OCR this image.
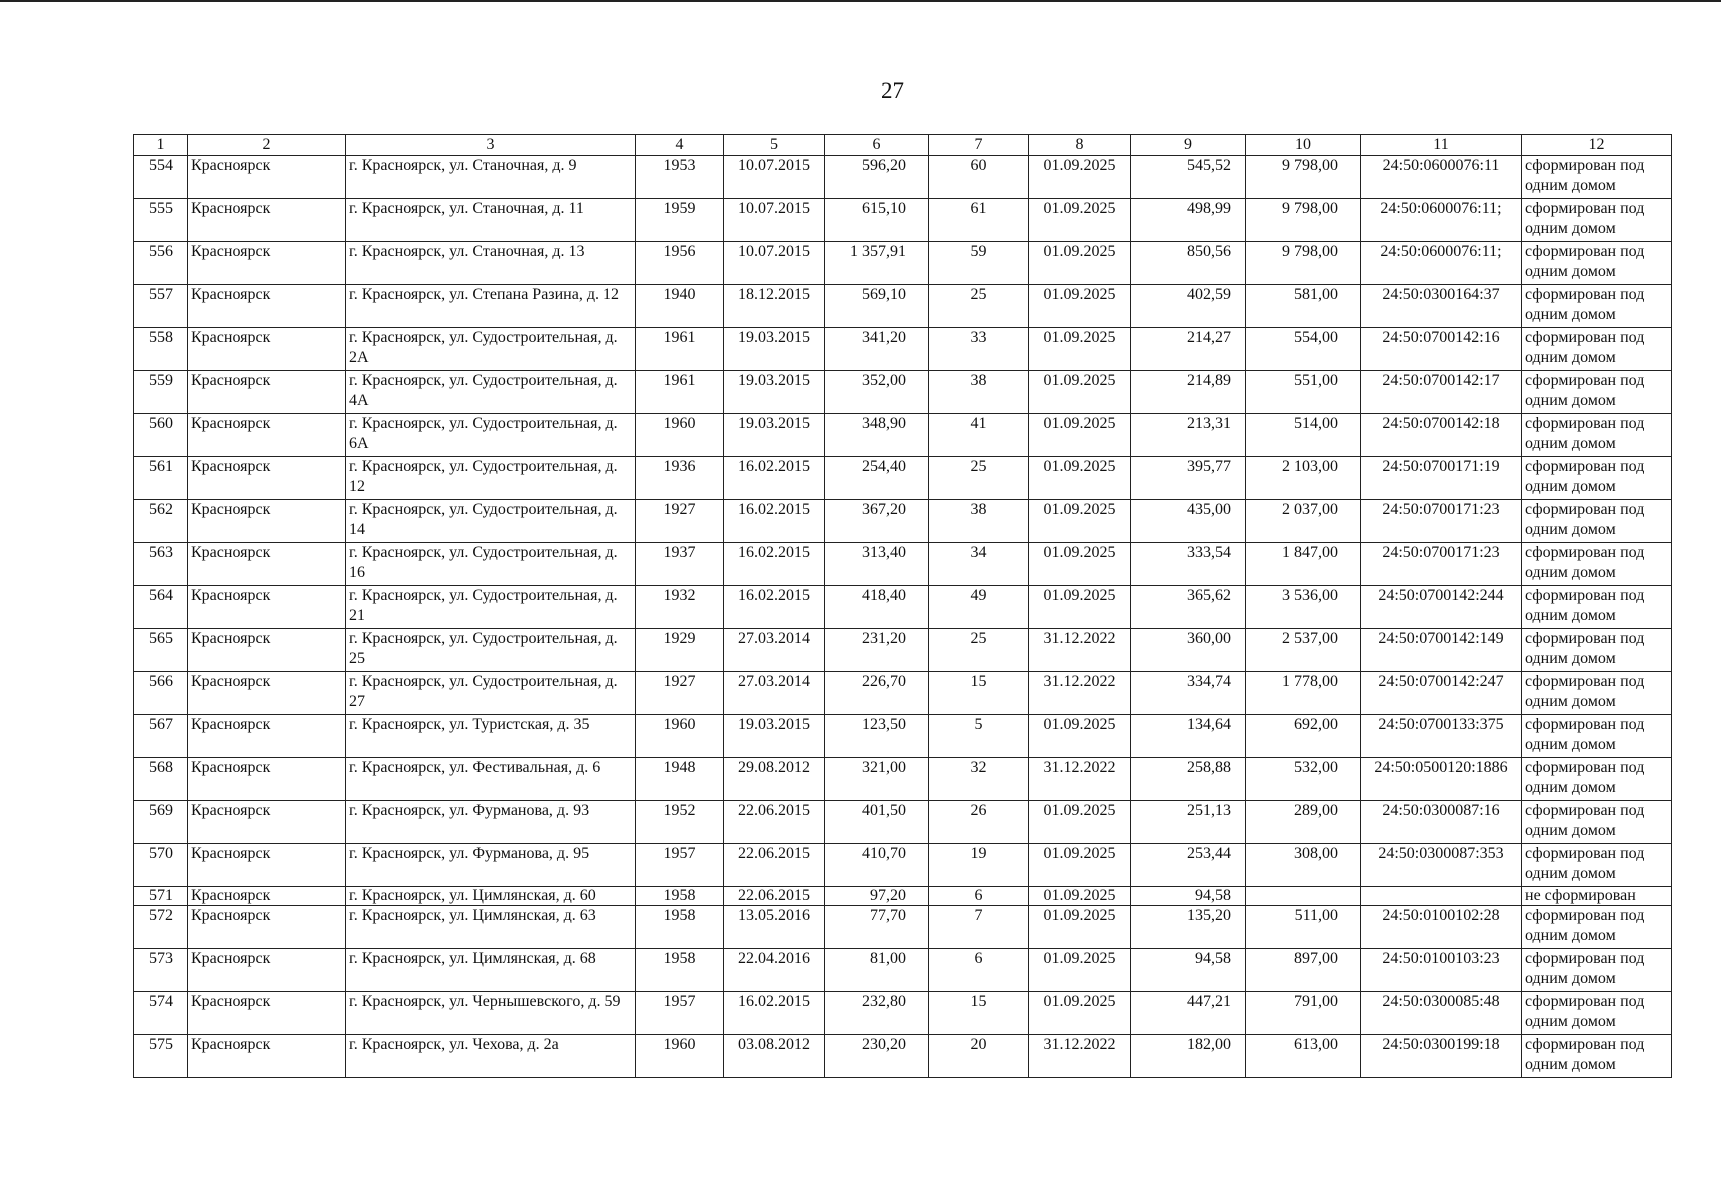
27
1	2	3	4	5	6	7	8	9	10	11	12
554	Красноярск	г. Красноярск, ул. Станочная, д. 9	1953	10.07.2015	596,20	60	01.09.2025	545,52	9 798,00	24:50:0600076:11	сформирован под одним домом
555	Красноярск	г. Красноярск, ул. Станочная, д. 11	1959	10.07.2015	615,10	61	01.09.2025	498,99	9 798,00	24:50:0600076:11;	сформирован под одним домом
556	Красноярск	г. Красноярск, ул. Станочная, д. 13	1956	10.07.2015	1 357,91	59	01.09.2025	850,56	9 798,00	24:50:0600076:11;	сформирован под одним домом
557	Красноярск	г. Красноярск, ул. Степана Разина, д. 12	1940	18.12.2015	569,10	25	01.09.2025	402,59	581,00	24:50:0300164:37	сформирован под одним домом
558	Красноярск	г. Красноярск, ул. Судостроительная, д. 2А	1961	19.03.2015	341,20	33	01.09.2025	214,27	554,00	24:50:0700142:16	сформирован под одним домом
559	Красноярск	г. Красноярск, ул. Судостроительная, д. 4А	1961	19.03.2015	352,00	38	01.09.2025	214,89	551,00	24:50:0700142:17	сформирован под одним домом
560	Красноярск	г. Красноярск, ул. Судостроительная, д. 6А	1960	19.03.2015	348,90	41	01.09.2025	213,31	514,00	24:50:0700142:18	сформирован под одним домом
561	Красноярск	г. Красноярск, ул. Судостроительная, д. 12	1936	16.02.2015	254,40	25	01.09.2025	395,77	2 103,00	24:50:0700171:19	сформирован под одним домом
562	Красноярск	г. Красноярск, ул. Судостроительная, д. 14	1927	16.02.2015	367,20	38	01.09.2025	435,00	2 037,00	24:50:0700171:23	сформирован под одним домом
563	Красноярск	г. Красноярск, ул. Судостроительная, д. 16	1937	16.02.2015	313,40	34	01.09.2025	333,54	1 847,00	24:50:0700171:23	сформирован под одним домом
564	Красноярск	г. Красноярск, ул. Судостроительная, д. 21	1932	16.02.2015	418,40	49	01.09.2025	365,62	3 536,00	24:50:0700142:244	сформирован под одним домом
565	Красноярск	г. Красноярск, ул. Судостроительная, д. 25	1929	27.03.2014	231,20	25	31.12.2022	360,00	2 537,00	24:50:0700142:149	сформирован под одним домом
566	Красноярск	г. Красноярск, ул. Судостроительная, д. 27	1927	27.03.2014	226,70	15	31.12.2022	334,74	1 778,00	24:50:0700142:247	сформирован под одним домом
567	Красноярск	г. Красноярск, ул. Туристская, д. 35	1960	19.03.2015	123,50	5	01.09.2025	134,64	692,00	24:50:0700133:375	сформирован под одним домом
568	Красноярск	г. Красноярск, ул. Фестивальная, д. 6	1948	29.08.2012	321,00	32	31.12.2022	258,88	532,00	24:50:0500120:1886	сформирован под одним домом
569	Красноярск	г. Красноярск, ул. Фурманова, д. 93	1952	22.06.2015	401,50	26	01.09.2025	251,13	289,00	24:50:0300087:16	сформирован под одним домом
570	Красноярск	г. Красноярск, ул. Фурманова, д. 95	1957	22.06.2015	410,70	19	01.09.2025	253,44	308,00	24:50:0300087:353	сформирован под одним домом
571	Красноярск	г. Красноярск, ул. Цимлянская, д. 60	1958	22.06.2015	97,20	6	01.09.2025	94,58			не сформирован
572	Красноярск	г. Красноярск, ул. Цимлянская, д. 63	1958	13.05.2016	77,70	7	01.09.2025	135,20	511,00	24:50:0100102:28	сформирован под одним домом
573	Красноярск	г. Красноярск, ул. Цимлянская, д. 68	1958	22.04.2016	81,00	6	01.09.2025	94,58	897,00	24:50:0100103:23	сформирован под одним домом
574	Красноярск	г. Красноярск, ул. Чернышевского, д. 59	1957	16.02.2015	232,80	15	01.09.2025	447,21	791,00	24:50:0300085:48	сформирован под одним домом
575	Красноярск	г. Красноярск, ул. Чехова, д. 2а	1960	03.08.2012	230,20	20	31.12.2022	182,00	613,00	24:50:0300199:18	сформирован под одним домом
